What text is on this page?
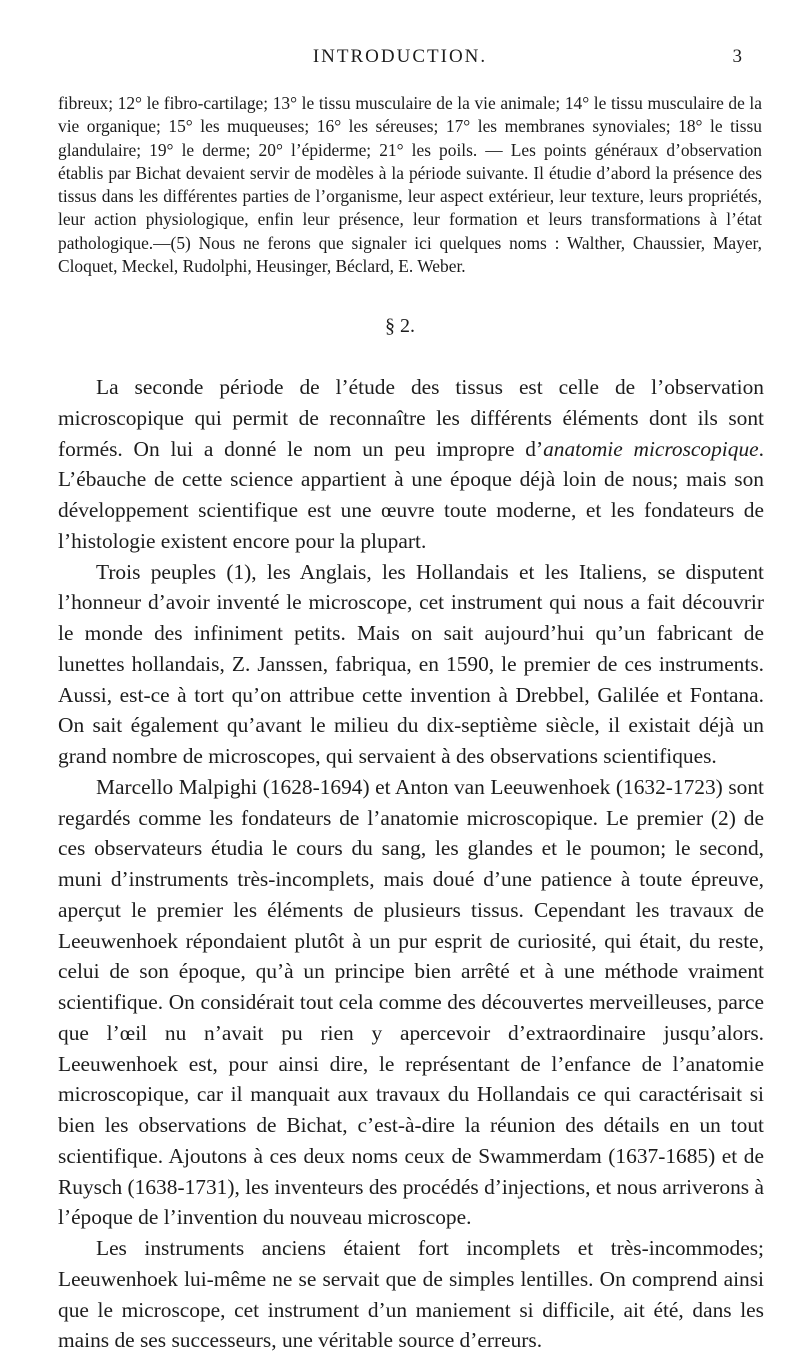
INTRODUCTION.	3

fibreux; 12° le fibro-cartilage; 13° le tissu musculaire de la vie animale; 14° le tissu musculaire de la vie organique; 15° les muqueuses; 16° les séreuses; 17° les membranes synoviales; 18° le tissu glandulaire; 19° le derme; 20° l’épiderme; 21° les poils. — Les points généraux d’observation établis par Bichat devaient servir de modèles à la période suivante. Il étudie d’abord la présence des tissus dans les différentes parties de l’organisme, leur aspect extérieur, leur texture, leurs propriétés, leur action physiologique, enfin leur présence, leur formation et leurs transformations à l’état pathologique.—(5) Nous ne ferons que signaler ici quelques noms : Walther, Chaussier, Mayer, Cloquet, Meckel, Rudolphi, Heusinger, Béclard, E. Weber.

§ 2.

La seconde période de l’étude des tissus est celle de l’observation microscopique qui permit de reconnaître les différents éléments dont ils sont formés. On lui a donné le nom un peu impropre d’anatomie microscopique. L’ébauche de cette science appartient à une époque déjà loin de nous; mais son développement scientifique est une œuvre toute moderne, et les fondateurs de l’histologie existent encore pour la plupart.

Trois peuples (1), les Anglais, les Hollandais et les Italiens, se disputent l’honneur d’avoir inventé le microscope, cet instrument qui nous a fait découvrir le monde des infiniment petits. Mais on sait aujourd’hui qu’un fabricant de lunettes hollandais, Z. Janssen, fabriqua, en 1590, le premier de ces instruments. Aussi, est-ce à tort qu’on attribue cette invention à Drebbel, Galilée et Fontana. On sait également qu’avant le milieu du dix-septième siècle, il existait déjà un grand nombre de microscopes, qui servaient à des observations scientifiques.

Marcello Malpighi (1628-1694) et Anton van Leeuwenhoek (1632-1723) sont regardés comme les fondateurs de l’anatomie microscopique. Le premier (2) de ces observateurs étudia le cours du sang, les glandes et le poumon; le second, muni d’instruments très-incomplets, mais doué d’une patience à toute épreuve, aperçut le premier les éléments de plusieurs tissus. Cependant les travaux de Leeuwenhoek répondaient plutôt à un pur esprit de curiosité, qui était, du reste, celui de son époque, qu’à un principe bien arrêté et à une méthode vraiment scientifique. On considérait tout cela comme des découvertes merveilleuses, parce que l’œil nu n’avait pu rien y apercevoir d’extraordinaire jusqu’alors. Leeuwenhoek est, pour ainsi dire, le représentant de l’enfance de l’anatomie microscopique, car il manquait aux travaux du Hollandais ce qui caractérisait si bien les observations de Bichat, c’est-à-dire la réunion des détails en un tout scientifique. Ajoutons à ces deux noms ceux de Swammerdam (1637-1685) et de Ruysch (1638-1731), les inventeurs des procédés d’injections, et nous arriverons à l’époque de l’invention du nouveau microscope.

Les instruments anciens étaient fort incomplets et très-incommodes; Leeuwenhoek lui-même ne se servait que de simples lentilles. On comprend ainsi que le microscope, cet instrument d’un maniement si difficile, ait été, dans les mains de ses successeurs, une véritable source d’erreurs.
